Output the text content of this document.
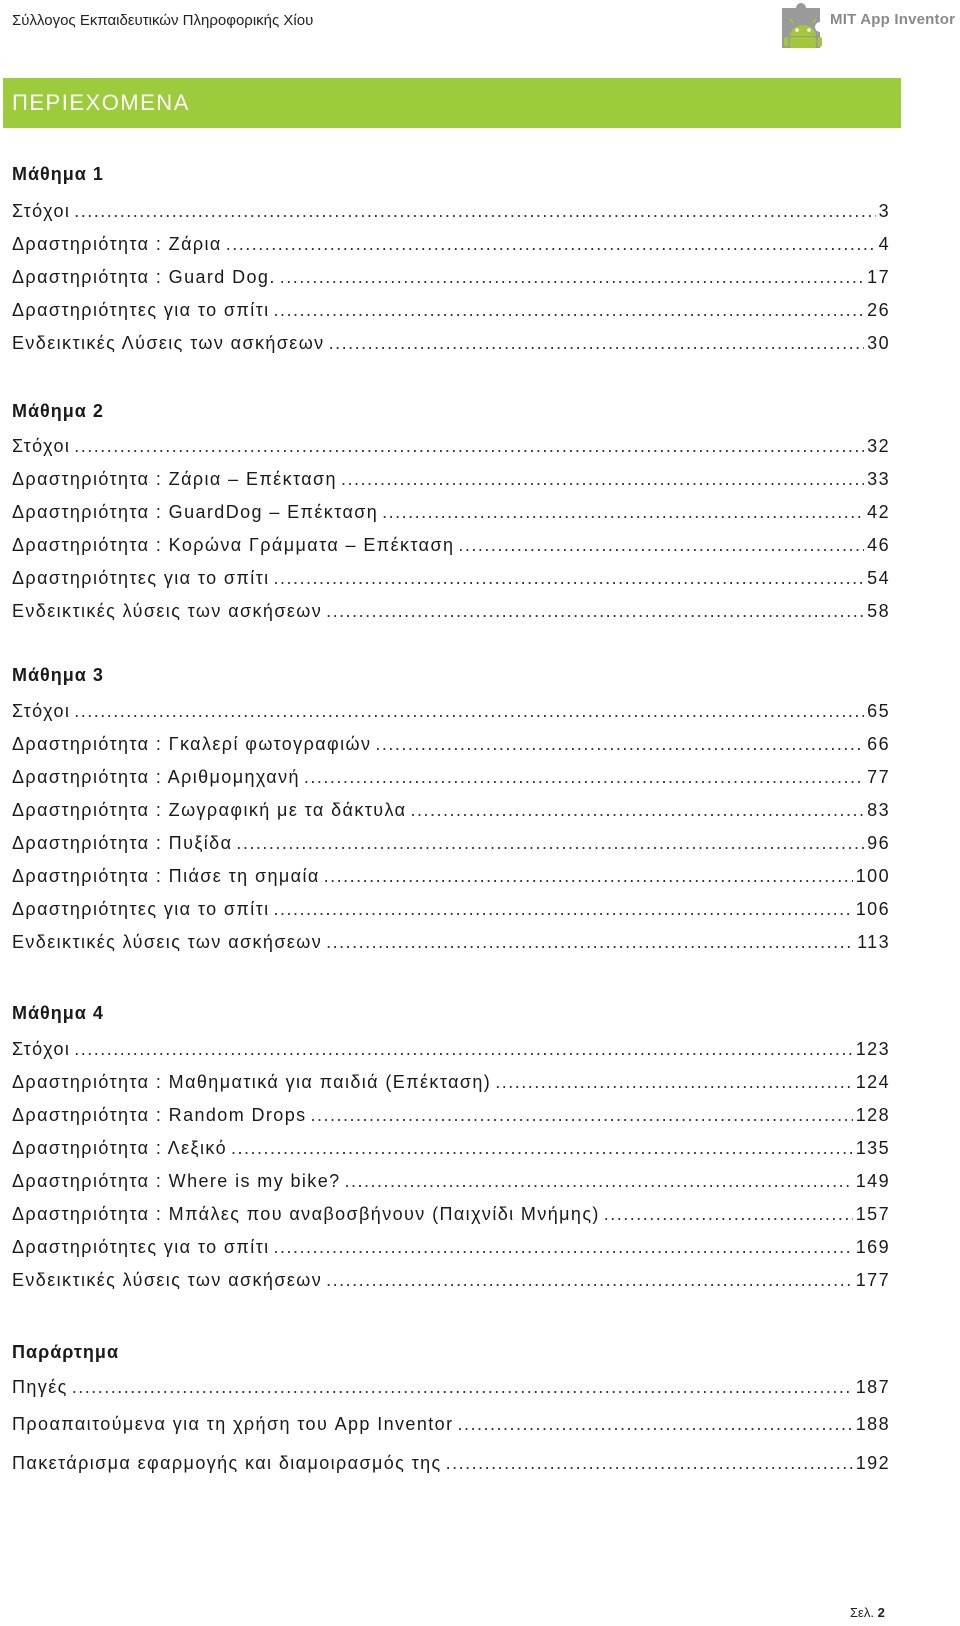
Σύλλογος Εκπαιδευτικών Πληροφορικής Χίου	MIT App Inventor
ΠΕΡΙΕΧΟΜΕΝΑ
Μάθημα 1
Στόχοι .....	3
Δραστηριότητα : Ζάρια .....	4
Δραστηριότητα : Guard Dog. .....	17
Δραστηριότητες για το σπίτι .....	26
Ενδεικτικές Λύσεις των ασκήσεων .....	30
Μάθημα 2
Στόχοι .....	32
Δραστηριότητα : Ζάρια – Επέκταση .....	33
Δραστηριότητα : GuardDog – Επέκταση .....	42
Δραστηριότητα : Κορώνα Γράμματα – Επέκταση .....	46
Δραστηριότητες για το σπίτι .....	54
Ενδεικτικές λύσεις των ασκήσεων .....	58
Μάθημα 3
Στόχοι .....	65
Δραστηριότητα : Γκαλερί φωτογραφιών .....	66
Δραστηριότητα : Αριθμομηχανή .....	77
Δραστηριότητα : Ζωγραφική με τα δάκτυλα .....	83
Δραστηριότητα : Πυξίδα .....	96
Δραστηριότητα : Πιάσε τη σημαία .....	100
Δραστηριότητες για το σπίτι .....	106
Ενδεικτικές λύσεις των ασκήσεων .....	113
Μάθημα 4
Στόχοι .....	123
Δραστηριότητα : Μαθηματικά για παιδιά (Επέκταση) .....	124
Δραστηριότητα : Random Drops .....	128
Δραστηριότητα : Λεξικό .....	135
Δραστηριότητα : Where is my bike? .....	149
Δραστηριότητα : Μπάλες που αναβοσβήνουν (Παιχνίδι Μνήμης) .....	157
Δραστηριότητες για το σπίτι .....	169
Ενδεικτικές λύσεις των ασκήσεων .....	177
Παράρτημα
Πηγές .....	187
Προαπαιτούμενα για τη χρήση του App Inventor .....	188
Πακετάρισμα εφαρμογής και διαμοιρασμός της .....	192
Σελ. 2
